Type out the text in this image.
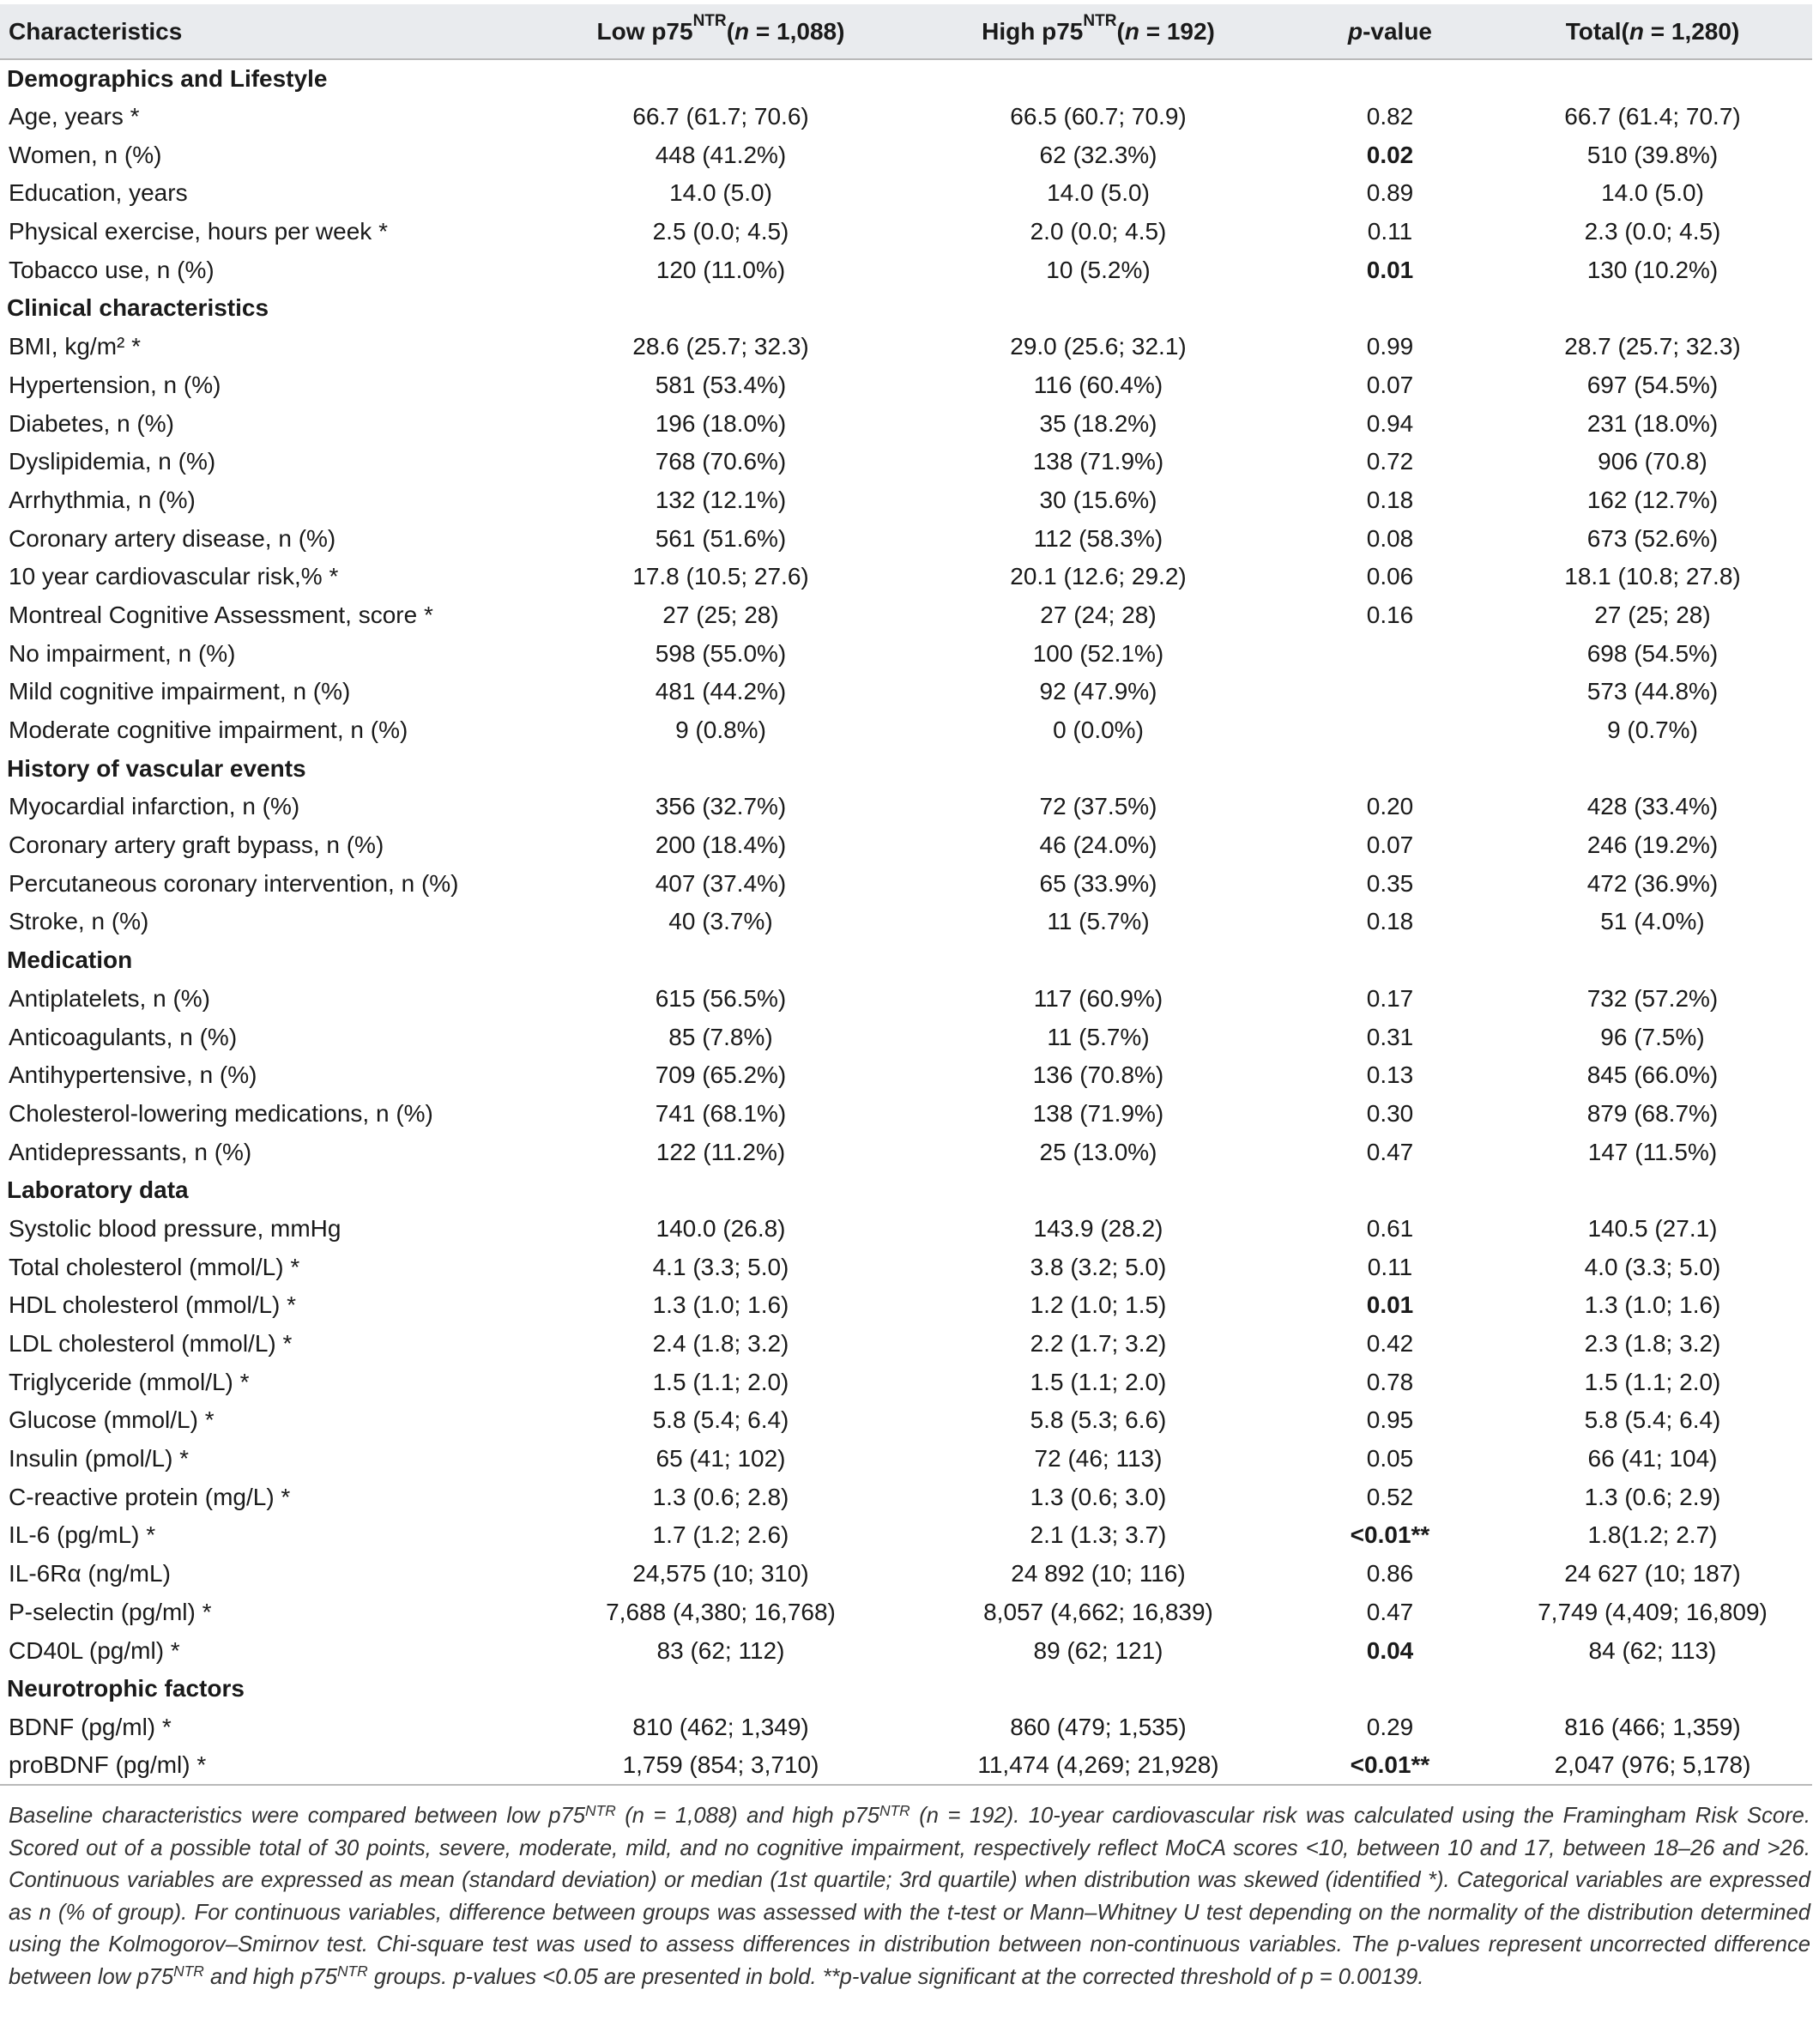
Characteristics	Low $p75^{NTR}(n = 1,088)$	High $p75^{NTR}(n = 192)$	p-value	Total(n = 1,280)
Demographics and Lifestyle				
Age, years *	66.7 (61.7; 70.6)	66.5 (60.7; 70.9)	0.82	66.7 (61.4; 70.7)
Women, n (%)	448 (41.2%)	62 (32.3%)	0.02	510 (39.8%)
Education, years	14.0 (5.0)	14.0 (5.0)	0.89	14.0 (5.0)
Physical exercise, hours per week *	2.5 (0.0; 4.5)	2.0 (0.0; 4.5)	0.11	2.3 (0.0; 4.5)
Tobacco use, n (%)	120 (11.0%)	10 (5.2%)	0.01	130 (10.2%)
Clinical characteristics				
BMI, kg/m² *	28.6 (25.7; 32.3)	29.0 (25.6; 32.1)	0.99	28.7 (25.7; 32.3)
Hypertension, n (%)	581 (53.4%)	116 (60.4%)	0.07	697 (54.5%)
Diabetes, n (%)	196 (18.0%)	35 (18.2%)	0.94	231 (18.0%)
Dyslipidemia, n (%)	768 (70.6%)	138 (71.9%)	0.72	906 (70.8)
Arrhythmia, n (%)	132 (12.1%)	30 (15.6%)	0.18	162 (12.7%)
Coronary artery disease, n (%)	561 (51.6%)	112 (58.3%)	0.08	673 (52.6%)
10 year cardiovascular risk,% *	17.8 (10.5; 27.6)	20.1 (12.6; 29.2)	0.06	18.1 (10.8; 27.8)
Montreal Cognitive Assessment, score *	27 (25; 28)	27 (24; 28)	0.16	27 (25; 28)
No impairment, n (%)	598 (55.0%)	100 (52.1%)		698 (54.5%)
Mild cognitive impairment, n (%)	481 (44.2%)	92 (47.9%)		573 (44.8%)
Moderate cognitive impairment, n (%)	9 (0.8%)	0 (0.0%)		9 (0.7%)
History of vascular events				
Myocardial infarction, n (%)	356 (32.7%)	72 (37.5%)	0.20	428 (33.4%)
Coronary artery graft bypass, n (%)	200 (18.4%)	46 (24.0%)	0.07	246 (19.2%)
Percutaneous coronary intervention, n (%)	407 (37.4%)	65 (33.9%)	0.35	472 (36.9%)
Stroke, n (%)	40 (3.7%)	11 (5.7%)	0.18	51 (4.0%)
Medication				
Antiplatelets, n (%)	615 (56.5%)	117 (60.9%)	0.17	732 (57.2%)
Anticoagulants, n (%)	85 (7.8%)	11 (5.7%)	0.31	96 (7.5%)
Antihypertensive, n (%)	709 (65.2%)	136 (70.8%)	0.13	845 (66.0%)
Cholesterol-lowering medications, n (%)	741 (68.1%)	138 (71.9%)	0.30	879 (68.7%)
Antidepressants, n (%)	122 (11.2%)	25 (13.0%)	0.47	147 (11.5%)
Laboratory data				
Systolic blood pressure, mmHg	140.0 (26.8)	143.9 (28.2)	0.61	140.5 (27.1)
Total cholesterol (mmol/L) *	4.1 (3.3; 5.0)	3.8 (3.2; 5.0)	0.11	4.0 (3.3; 5.0)
HDL cholesterol (mmol/L) *	1.3 (1.0; 1.6)	1.2 (1.0; 1.5)	0.01	1.3 (1.0; 1.6)
LDL cholesterol (mmol/L) *	2.4 (1.8; 3.2)	2.2 (1.7; 3.2)	0.42	2.3 (1.8; 3.2)
Triglyceride (mmol/L) *	1.5 (1.1; 2.0)	1.5 (1.1; 2.0)	0.78	1.5 (1.1; 2.0)
Glucose (mmol/L) *	5.8 (5.4; 6.4)	5.8 (5.3; 6.6)	0.95	5.8 (5.4; 6.4)
Insulin (pmol/L) *	65 (41; 102)	72 (46; 113)	0.05	66 (41; 104)
C-reactive protein (mg/L) *	1.3 (0.6; 2.8)	1.3 (0.6; 3.0)	0.52	1.3 (0.6; 2.9)
IL-6 (pg/mL) *	1.7 (1.2; 2.6)	2.1 (1.3; 3.7)	<0.01**	1.8(1.2; 2.7)
IL-6Rα (ng/mL)	24,575 (10; 310)	24 892 (10; 116)	0.86	24 627 (10; 187)
P-selectin (pg/ml) *	7,688 (4,380; 16,768)	8,057 (4,662; 16,839)	0.47	7,749 (4,409; 16,809)
CD40L (pg/ml) *	83 (62; 112)	89 (62; 121)	0.04	84 (62; 113)
Neurotrophic factors				
BDNF (pg/ml) *	810 (462; 1,349)	860 (479; 1,535)	0.29	816 (466; 1,359)
proBDNF (pg/ml) *	1,759 (854; 3,710)	11,474 (4,269; 21,928)	<0.01**	2,047 (976; 5,178)
Baseline characteristics were compared between low $p75^{NTR}$ (n = 1,088) and high $p75^{NTR}$ (n = 192). 10-year cardiovascular risk was calculated using the Framingham Risk Score. Scored out of a possible total of 30 points, severe, moderate, mild, and no cognitive impairment, respectively reflect MoCA scores <10, between 10 and 17, between 18–26 and >26. Continuous variables are expressed as mean (standard deviation) or median (1st quartile; 3rd quartile) when distribution was skewed (identified *). Categorical variables are expressed as n (% of group). For continuous variables, difference between groups was assessed with the t-test or Mann–Whitney U test depending on the normality of the distribution determined using the Kolmogorov–Smirnov test. Chi-square test was used to assess differences in distribution between non-continuous variables. The p-values represent uncorrected difference between low $p75^{NTR}$ and high $p75^{NTR}$ groups. p-values <0.05 are presented in bold. **p-value significant at the corrected threshold of p = 0.00139.
